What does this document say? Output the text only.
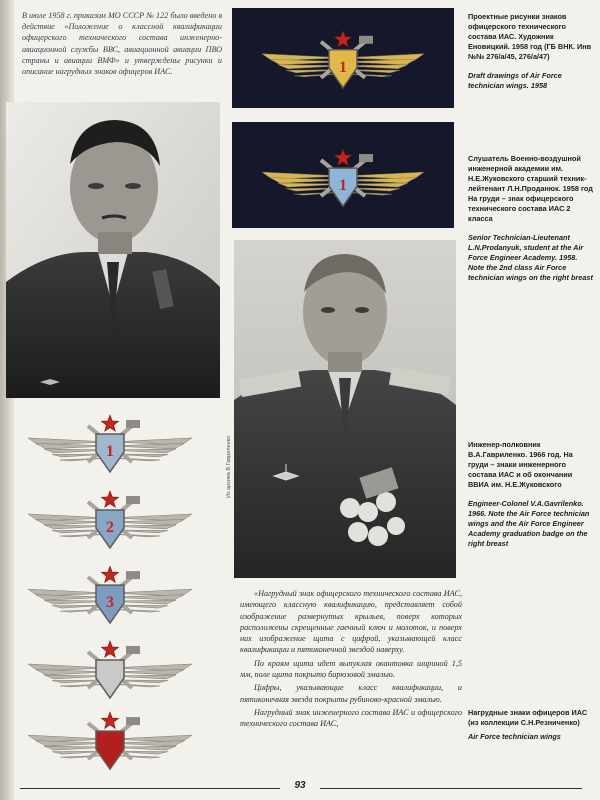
В июле 1958 г. приказом МО СССР № 122 было введено в действие «Положение о классной квалификации офицерского технического состава инженерно-авиационной службы ВВС, авиационной авиации ПВО страны и авиации ВМФ» и утверждены рисунки и описание нагрудных знаков офицеров ИАС.	1
1
Из архива В.Гавриленко
1
2
3
Проектные рисунки знаков офицерского технического состава ИАС. Художник Еновицкий. 1958 год (ГБ ВНК. Инв №№ 276/а/45, 276/а/47)
Draft drawings of Air Force technician wings. 1958
Слушатель Военно-воздушной инженерной академии им. Н.Е.Жуковского старший техник-лейтенант Л.Н.Проданюк. 1958 год На груди – знак офицерского технического состава ИАС 2 класса
Senior Technician-Lieutenant L.N.Prodanyuk, student at the Air Force Engineer Academy. 1958. Note the 2nd class Air Force technician wings on the right breast
Инженер-полковник В.А.Гавриленко. 1966 год. На груди – знаки инженерного состава ИАС и об окончании ВВИА им. Н.Е.Жуковского
Engineer-Colonel V.A.Gavrilenko. 1966. Note the Air Force technician wings and the Air Force Engineer Academy graduation badge on the right breast
Нагрудные знаки офицеров ИАС (из коллекции С.Н.Резниченко)
Air Force technician wings

«Нагрудный знак офицерского технического состава ИАС, имеющего классную квалификацию, представляет собой изображение развернутых крыльев, поверх которых расположены скрещенные гаечный ключ и молоток, и поверх них изображение щита с цифрой, указывающей класс квалификации и пятиконечной звездой наверху.

По краям щита идет выпуклая окантовка шириной 1,5 мм, поле щита покрыто бирюзовой эмалью.

Цифры, указывающие класс квалификации, и пятиконечная звезда покрыты рубиново-красной эмалью.

Нагрудный знак инженерного состава ИАС и офицерского технического состава ИАС,

93
